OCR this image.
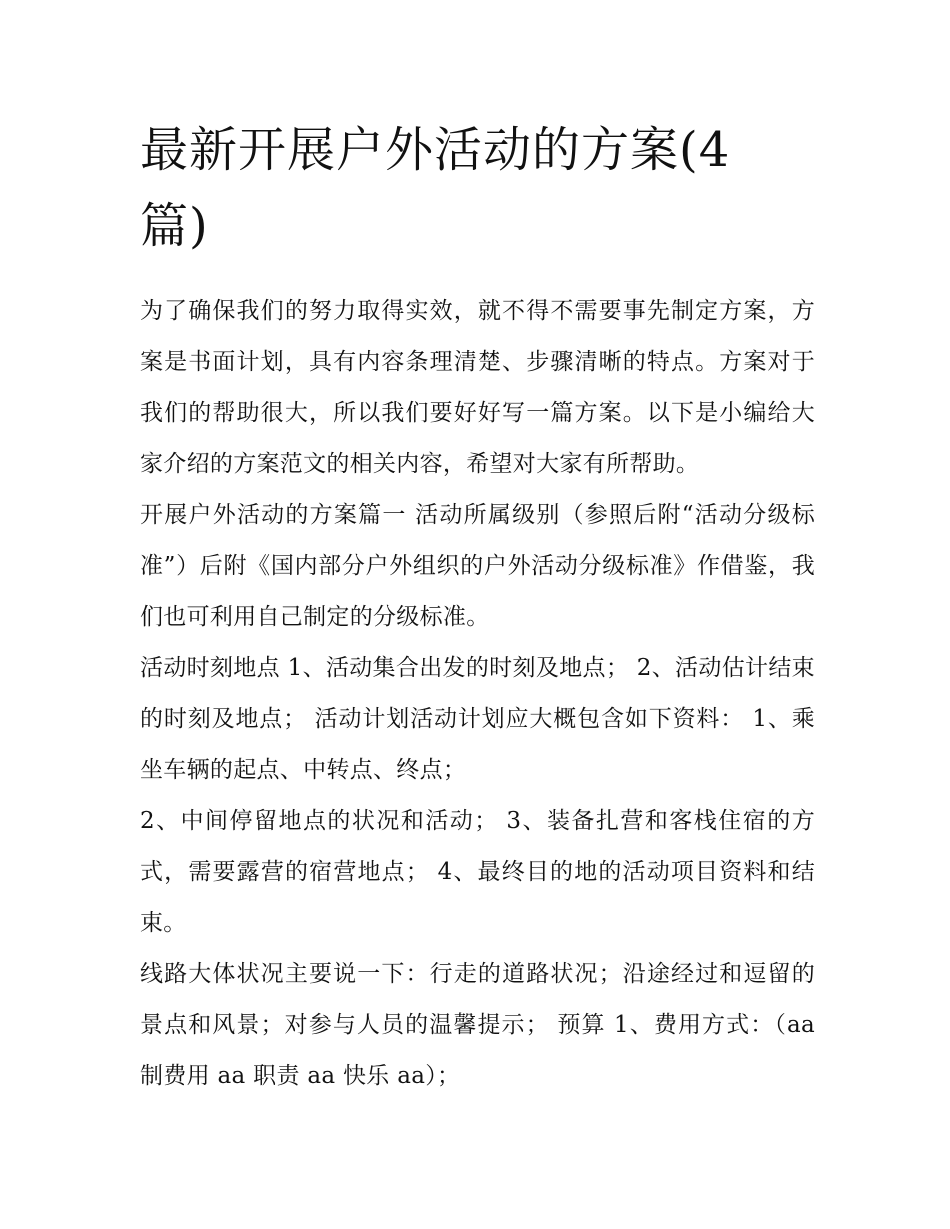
最新开展户外活动的方案(4篇)

为了确保我们的努力取得实效，就不得不需要事先制定方案，方案是书面计划，具有内容条理清楚、步骤清晰的特点。方案对于我们的帮助很大，所以我们要好好写一篇方案。以下是小编给大家介绍的方案范文的相关内容，希望对大家有所帮助。

开展户外活动的方案篇一 活动所属级别（参照后附“活动分级标准”）后附《国内部分户外组织的户外活动分级标准》作借鉴，我们也可利用自己制定的分级标准。

活动时刻地点 1、活动集合出发的时刻及地点； 2、活动估计结束的时刻及地点； 活动计划活动计划应大概包含如下资料： 1、乘坐车辆的起点、中转点、终点；

2、中间停留地点的状况和活动； 3、装备扎营和客栈住宿的方式，需要露营的宿营地点； 4、最终目的地的活动项目资料和结束。

线路大体状况主要说一下：行走的道路状况；沿途经过和逗留的景点和风景；对参与人员的温馨提示； 预算 1、费用方式：（aa 制费用 aa 职责 aa 快乐 aa）；
